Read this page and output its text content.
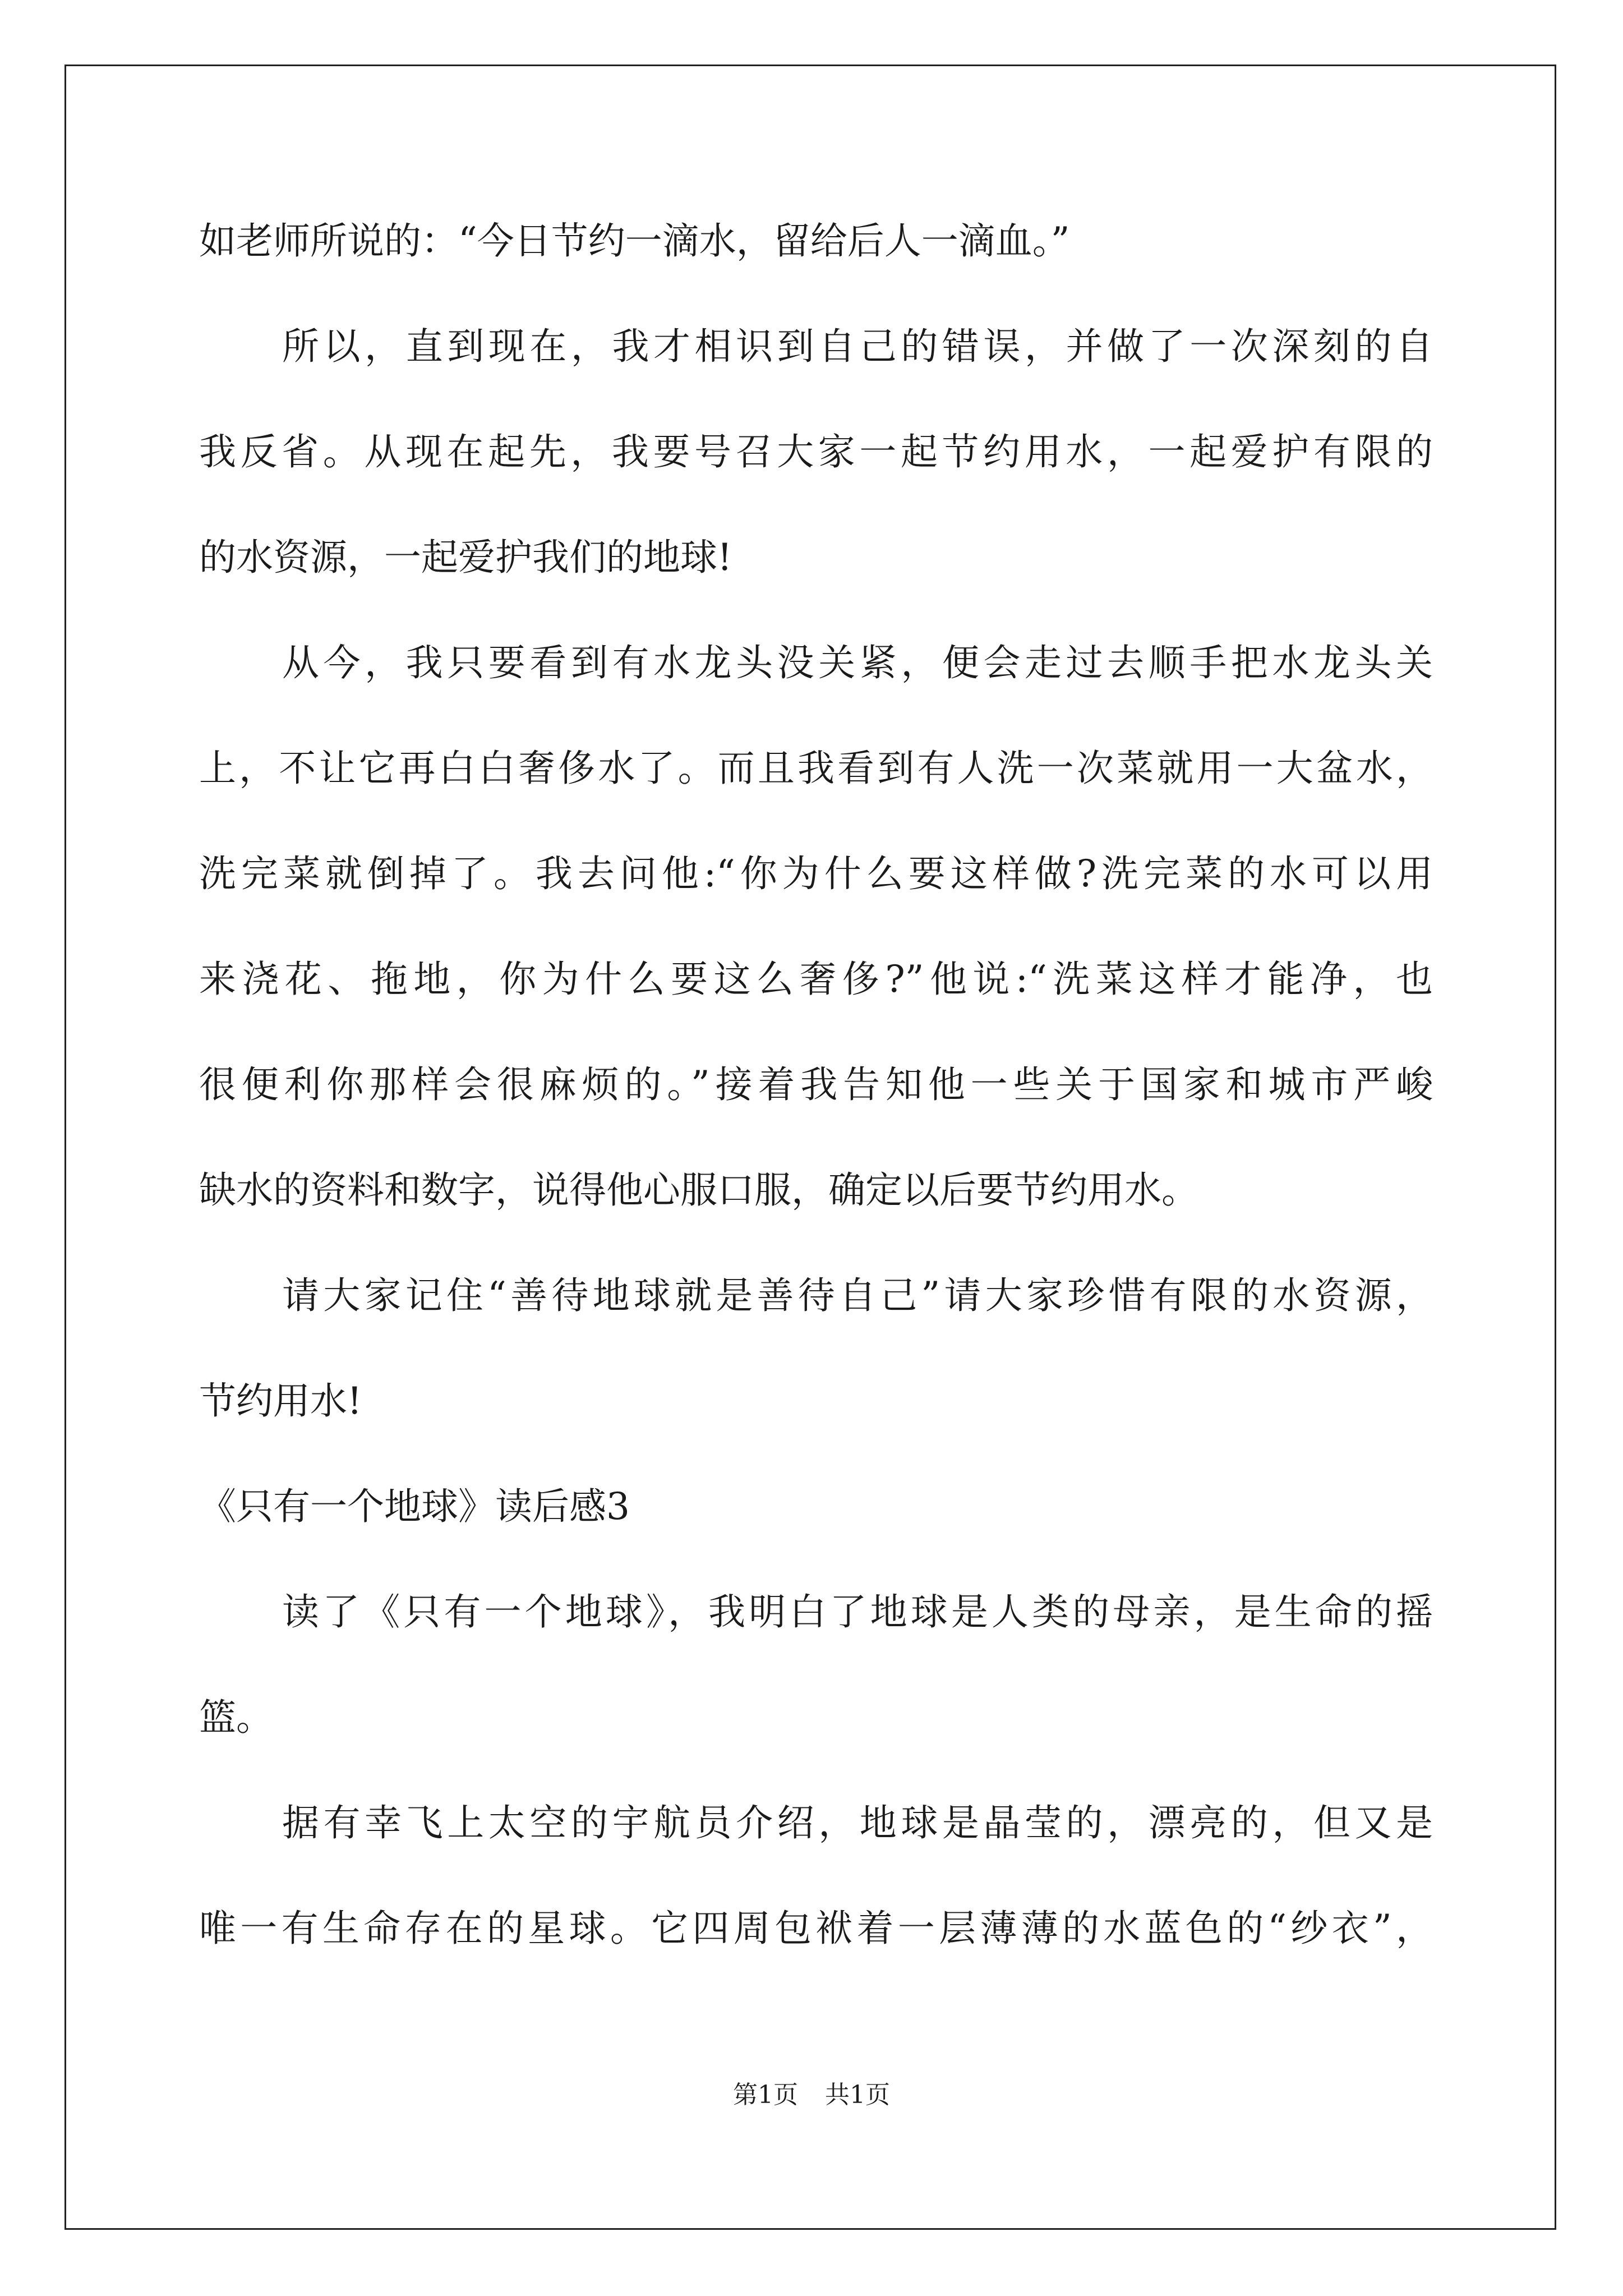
如老师所说的：“今日节约一滴水，留给后人一滴血。”
所以，直到现在，我才相识到自己的错误，并做了一次深刻的自
我反省。从现在起先，我要号召大家一起节约用水，一起爱护有限的
的水资源，一起爱护我们的地球!
从今，我只要看到有水龙头没关紧，便会走过去顺手把水龙头关
上，不让它再白白奢侈水了。而且我看到有人洗一次菜就用一大盆水，
洗完菜就倒掉了。我去问他:“你为什么要这样做?洗完菜的水可以用
来浇花、拖地，你为什么要这么奢侈?”他说:“洗菜这样才能净，也
很便利你那样会很麻烦的。”接着我告知他一些关于国家和城市严峻
缺水的资料和数字，说得他心服口服，确定以后要节约用水。
请大家记住“善待地球就是善待自己”请大家珍惜有限的水资源，
节约用水!
《只有一个地球》读后感3
读了《只有一个地球》，我明白了地球是人类的母亲，是生命的摇
篮。
据有幸飞上太空的宇航员介绍，地球是晶莹的，漂亮的，但又是
唯一有生命存在的星球。它四周包袱着一层薄薄的水蓝色的“纱衣”，
第1页 共1页
